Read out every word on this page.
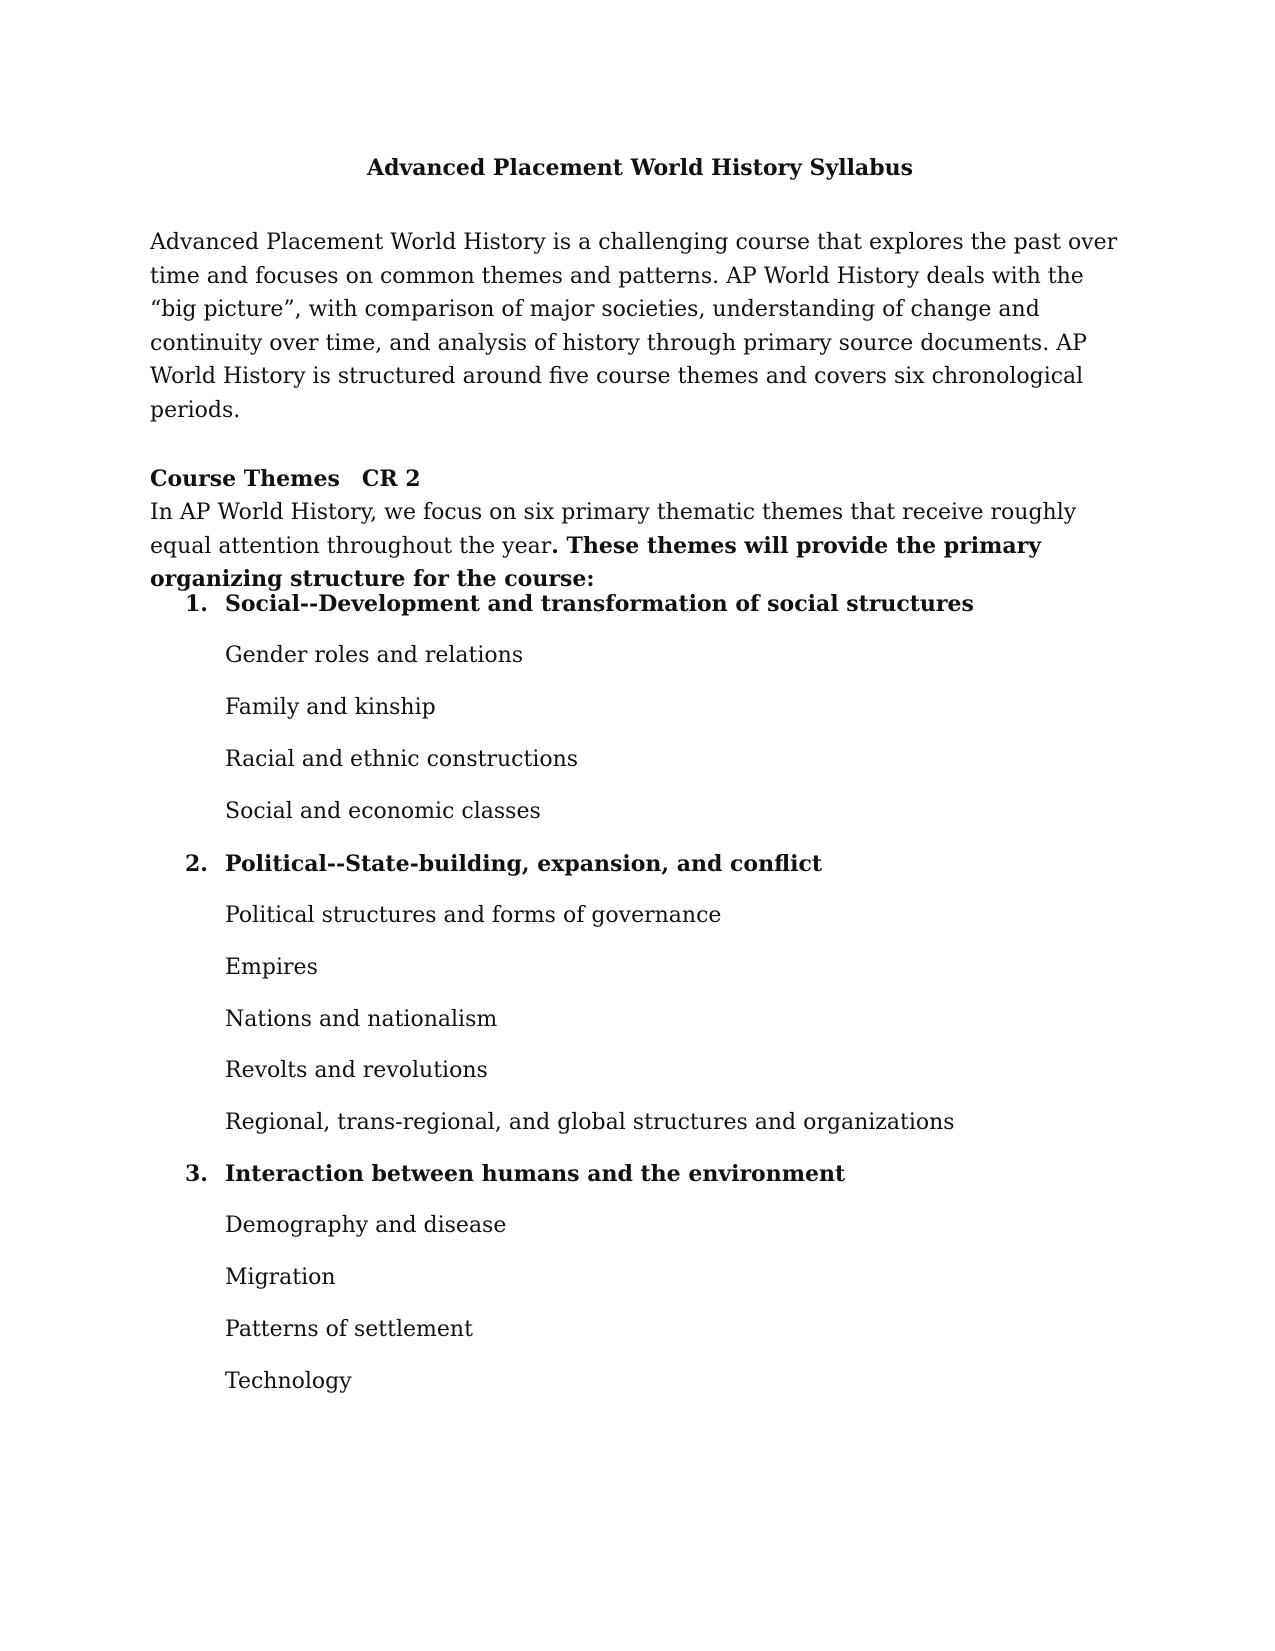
Advanced Placement World History Syllabus

Advanced Placement World History is a challenging course that explores the past over time and focuses on common themes and patterns. AP World History deals with the “big picture”, with comparison of major societies, understanding of change and continuity over time, and analysis of history through primary source documents. AP World History is structured around five course themes and covers six chronological periods.

Course Themes CR 2

In AP World History, we focus on six primary thematic themes that receive roughly equal attention throughout the year. These themes will provide the primary organizing structure for the course:

1. Social--Development and transformation of social structures

Gender roles and relations

Family and kinship

Racial and ethnic constructions

Social and economic classes

2. Political--State-building, expansion, and conflict

Political structures and forms of governance

Empires

Nations and nationalism

Revolts and revolutions

Regional, trans-regional, and global structures and organizations

3. Interaction between humans and the environment

Demography and disease

Migration

Patterns of settlement

Technology
